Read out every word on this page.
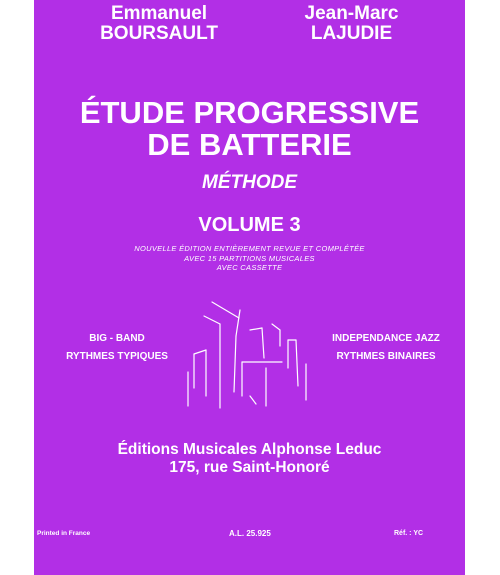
Emmanuel
BOURSAULT
Jean-Marc
LAJUDIE
ÉTUDE PROGRESSIVE
DE BATTERIE
MÉTHODE
VOLUME 3
NOUVELLE ÉDITION ENTIÈREMENT REVUE ET COMPLÉTÉE
AVEC 15 PARTITIONS MUSICALES
AVEC CASSETTE
BIG - BAND
RYTHMES TYPIQUES
INDEPENDANCE JAZZ
RYTHMES BINAIRES
Éditions Musicales Alphonse Leduc
175, rue Saint-Honoré
Printed in France	A.L. 25.925	Réf. : YC
